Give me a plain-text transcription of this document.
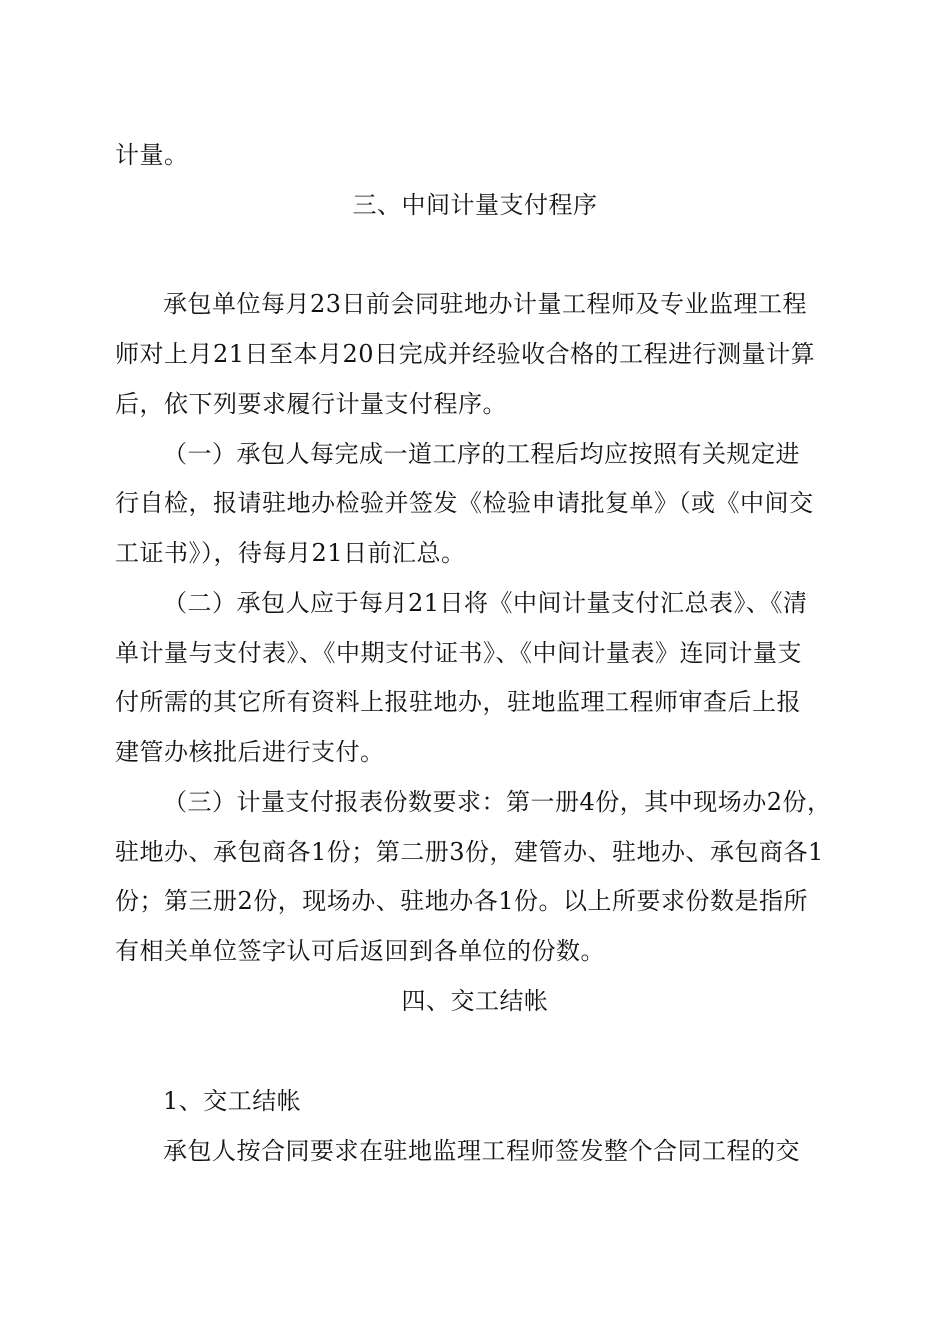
计量。
三、中间计量支付程序
承包单位每月23日前会同驻地办计量工程师及专业监理工程
师对上月21日至本月20日完成并经验收合格的工程进行测量计算
后，依下列要求履行计量支付程序。
（一）承包人每完成一道工序的工程后均应按照有关规定进
行自检，报请驻地办检验并签发《检验申请批复单》（或《中间交
工证书》），待每月21日前汇总。
（二）承包人应于每月21日将《中间计量支付汇总表》、《清
单计量与支付表》、《中期支付证书》、《中间计量表》连同计量支
付所需的其它所有资料上报驻地办，驻地监理工程师审查后上报
建管办核批后进行支付。
（三）计量支付报表份数要求：第一册4份，其中现场办2份，
驻地办、承包商各1份；第二册3份，建管办、驻地办、承包商各1
份；第三册2份，现场办、驻地办各1份。以上所要求份数是指所
有相关单位签字认可后返回到各单位的份数。
四、交工结帐
1、交工结帐
承包人按合同要求在驻地监理工程师签发整个合同工程的交
